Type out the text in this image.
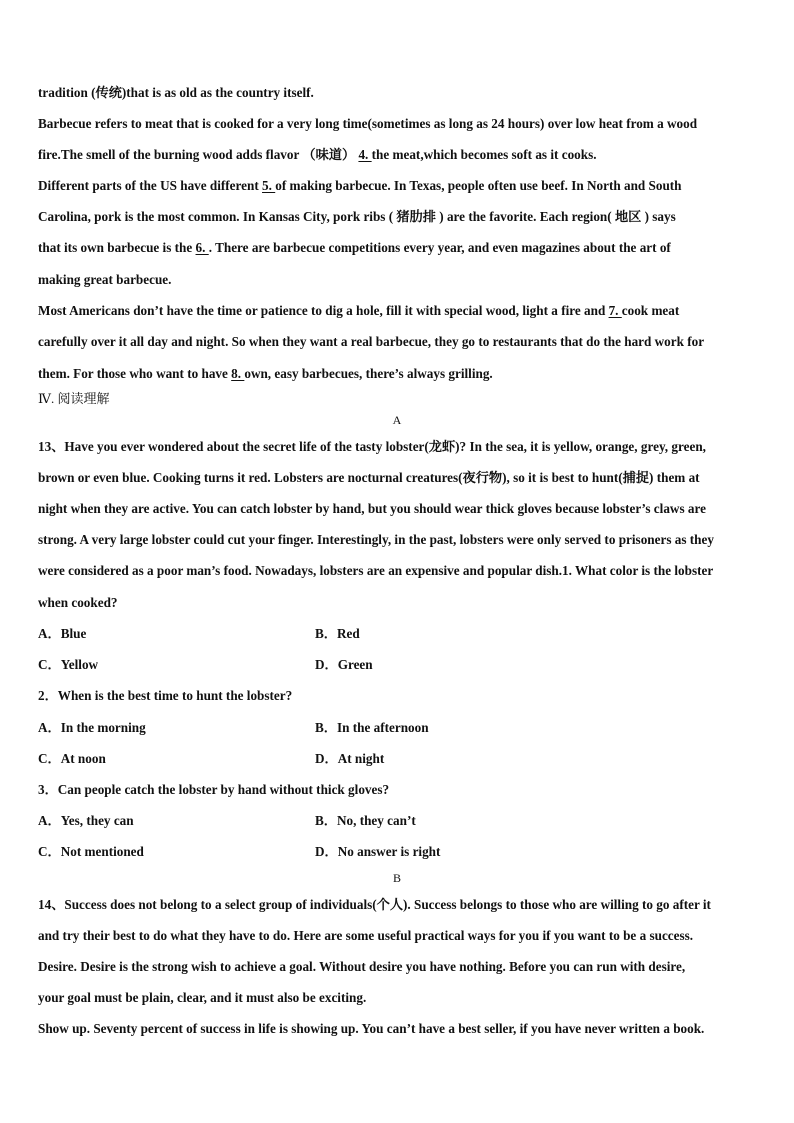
tradition (传统)that is as old as the country itself.
Barbecue refers to meat that is cooked for a very long time(sometimes as long as 24 hours) over low heat from a wood
fire.The smell of the burning wood adds flavor （味道） 4. the meat,which becomes soft as it cooks.
Different parts of the US have different 5. of making barbecue. In Texas, people often use beef. In North and South
Carolina, pork is the most common. In Kansas City, pork ribs ( 猪肋排 ) are the favorite. Each region( 地区 ) says
that its own barbecue is the 6. . There are barbecue competitions every year, and even magazines about the art of
making great barbecue.
Most Americans don’t have the time or patience to dig a hole, fill it with special wood, light a fire and 7. cook meat
carefully over it all day and night. So when they want a real barbecue, they go to restaurants that do the hard work for
them. For those who want to have 8. own, easy barbecues, there’s always grilling.
Ⅳ. 阅读理解
A
13、Have you ever wondered about the secret life of the tasty lobster(龙虾)? In the sea, it is yellow, orange, grey, green,
brown or even blue. Cooking turns it red. Lobsters are nocturnal creatures(夜行物), so it is best to hunt(捕捉) them at
night when they are active. You can catch lobster by hand, but you should wear thick gloves because lobster’s claws are
strong. A very large lobster could cut your finger. Interestingly, in the past, lobsters were only served to prisoners as they
were considered as a poor man’s food. Nowadays, lobsters are an expensive and popular dish.1. What color is the lobster
when cooked?
A．Blue	B．Red
C．Yellow	D．Green
2．When is the best time to hunt the lobster?
A．In the morning	B．In the afternoon
C．At noon	D．At night
3．Can people catch the lobster by hand without thick gloves?
A．Yes, they can	B．No, they can’t
C．Not mentioned	D．No answer is right
B
14、Success does not belong to a select group of individuals(个人). Success belongs to those who are willing to go after it
and try their best to do what they have to do. Here are some useful practical ways for you if you want to be a success.
Desire. Desire is the strong wish to achieve a goal. Without desire you have nothing. Before you can run with desire,
your goal must be plain, clear, and it must also be exciting.
Show up. Seventy percent of success in life is showing up. You can’t have a best seller, if you have never written a book.
